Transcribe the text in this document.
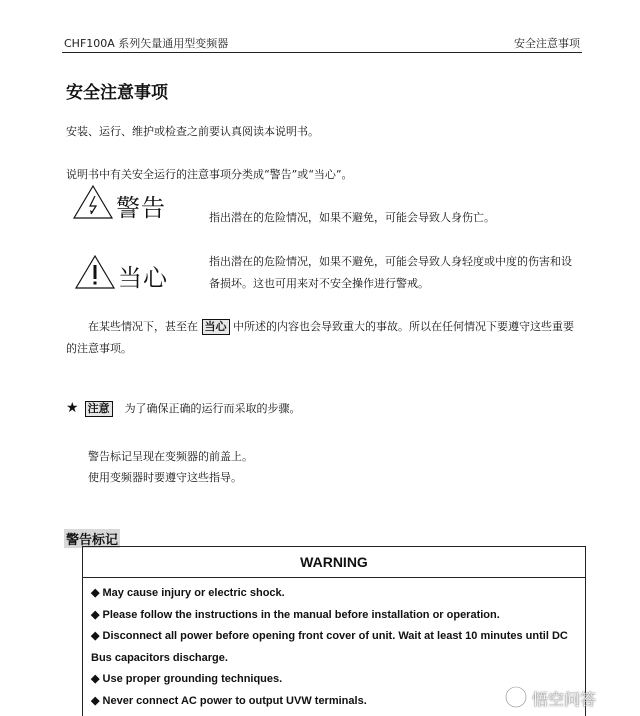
CHF100A 系列矢量通用型变频器	安全注意事项
安全注意事项
安装、运行、维护或检查之前要认真阅读本说明书。
说明书中有关安全运行的注意事项分类成“警告”或“当心”。
警告	指出潜在的危险情况，如果不避免，可能会导致人身伤亡。
当心
指出潜在的危险情况，如果不避免，可能会导致人身轻度或中度的伤害和设备损坏。这也可用来对不安全操作进行警戒。
在某些情况下，甚至在 当心 中所述的内容也会导致重大的事故。所以在任何情况下要遵守这些重要的注意事项。
★ 注意 为了确保正确的运行而采取的步骤。
警告标记呈现在变频器的前盖上。
使用变频器时要遵守这些指导。
警告标记
WARNING
◆ May cause injury or electric shock.
◆ Please follow the instructions in the manual before installation or operation.
◆ Disconnect all power before opening front cover of unit. Wait at least 10 minutes until DC Bus capacitors discharge.
◆ Use proper grounding techniques.
◆ Never connect AC power to output UVW terminals.	悟空问答
